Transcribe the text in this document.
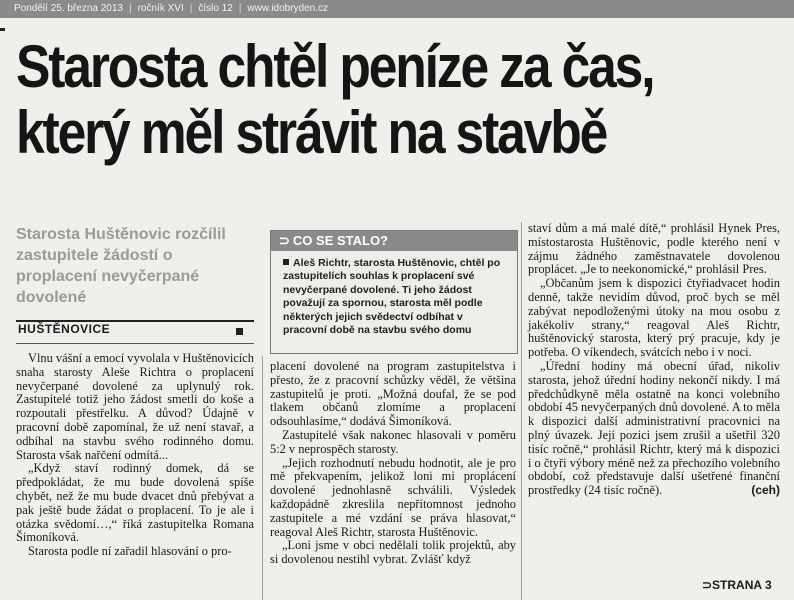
Pondělí 25. března 2013 | ročník XVI | číslo 12 | www.idobryden.cz
Starosta chtěl peníze za čas,
který měl strávit na stavbě
Starosta Huštěnovic rozčílil zastupitele žádostí o proplacení nevyčerpané dovolené
HUŠTĚNOVICE
⊃ CO SE STALO?
Aleš Richtr, starosta Huštěnovic, chtěl po zastupitelích souhlas k proplacení své nevyčerpané dovolené. Ti jeho žádost považují za spornou, starosta měl podle některých jejich svědectví odbíhat v pracovní době na stavbu svého domu

Vlnu vášní a emocí vyvolala v Huštěnovicích snaha starosty Aleše Richtra o proplacení nevyčerpané dovolené za uplynulý rok. Zastupitelé totiž jeho žádost smetli do koše a rozpoutali přestřelku. A důvod? Údajně v pracovní době zapomínal, že už není stavař, a odbíhal na stavbu svého rodinného domu. Starosta však nařčení odmítá...

„Když staví rodinný domek, dá se předpokládat, že mu bude dovolená spíše chybět, než že mu bude dvacet dnů přebývat a pak ještě bude žádat o proplacení. To je ale i otázka svědomí…,“ říká zastupitelka Romana Šimoníková.

Starosta podle ní zařadil hlasování o pro-

placení dovolené na program zastupitelstva i přesto, že z pracovní schůzky věděl, že většina zastupitelů je proti. „Možná doufal, že se pod tlakem občanů zlomíme a proplacení odsouhlasíme,“ dodává Šimoníková.

Zastupitelé však nakonec hlasovali v poměru 5:2 v neprospěch starosty.

„Jejich rozhodnutí nebudu hodnotit, ale je pro mě překvapením, jelikož loni mi proplácení dovolené jednohlasně schválili. Výsledek každopádně zkreslila nepřítomnost jednoho zastupitele a mé vzdání se práva hlasovat,“ reagoval Aleš Richtr, starosta Huštěnovic.

„Loni jsme v obci nedělali tolik projektů, aby si dovolenou nestihl vybrat. Zvlášť když

staví dům a má malé dítě,“ prohlásil Hynek Pres, místostarosta Huštěnovic, podle kterého není v zájmu žádného zaměstnavatele dovolenou proplácet. „Je to neekonomické,“ prohlásil Pres.

„Občanům jsem k dispozici čtyřiadvacet hodin denně, takže nevidím důvod, proč bych se měl zabývat nepodloženými útoky na mou osobu z jakékoliv strany,“ reagoval Aleš Richtr, huštěnovický starosta, který prý pracuje, kdy je potřeba. O víkendech, svátcích nebo i v noci.

„Úřední hodiny má obecní úřad, nikoliv starosta, jehož úřední hodiny nekončí nikdy. I má předchůdkyně měla ostatně na konci volebního období 45 nevyčerpaných dnů dovolené. A to měla k dispozici další administrativní pracovnici na plný úvazek. Její pozici jsem zrušil a ušetřil 320 tisíc ročně,“ prohlásil Richtr, který má k dispozici i o čtyři výbory méně než za přechozího volebního období, což představuje další ušetřené finanční prostředky (24 tisíc ročně).	(ceh)

⊃STRANA 3
